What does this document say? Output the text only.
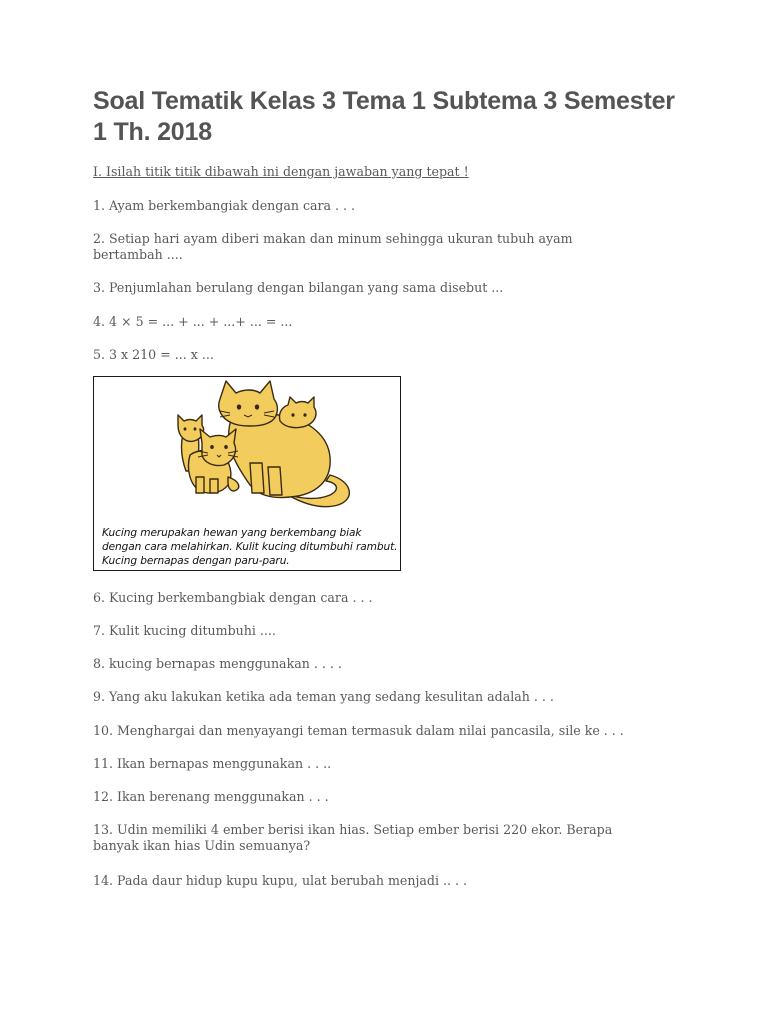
Soal Tematik Kelas 3 Tema 1 Subtema 3 Semester 1 Th. 2018

I. Isilah titik titik dibawah ini dengan jawaban yang tepat !

1. Ayam berkembangiak dengan cara . . .

2. Setiap hari ayam diberi makan dan minum sehingga ukuran tubuh ayam bertambah ....

3. Penjumlahan berulang dengan bilangan yang sama disebut ...

4. 4 × 5 = ... + ... + ...+ ... = ...

5. 3 x 210 = ... x ...

Kucing merupakan hewan yang berkembang biak dengan cara melahirkan. Kulit kucing ditumbuhi rambut. Kucing bernapas dengan paru-paru.

6. Kucing berkembangbiak dengan cara . . .

7. Kulit kucing ditumbuhi ....

8. kucing bernapas menggunakan . . . .

9. Yang aku lakukan ketika ada teman yang sedang kesulitan adalah . . .

10. Menghargai dan menyayangi teman termasuk dalam nilai pancasila, sile ke . . .

11. Ikan bernapas menggunakan . . ..

12. Ikan berenang menggunakan . . .

13. Udin memiliki 4 ember berisi ikan hias. Setiap ember berisi 220 ekor. Berapa banyak ikan hias Udin semuanya?

14. Pada daur hidup kupu kupu, ulat berubah menjadi .. . .
